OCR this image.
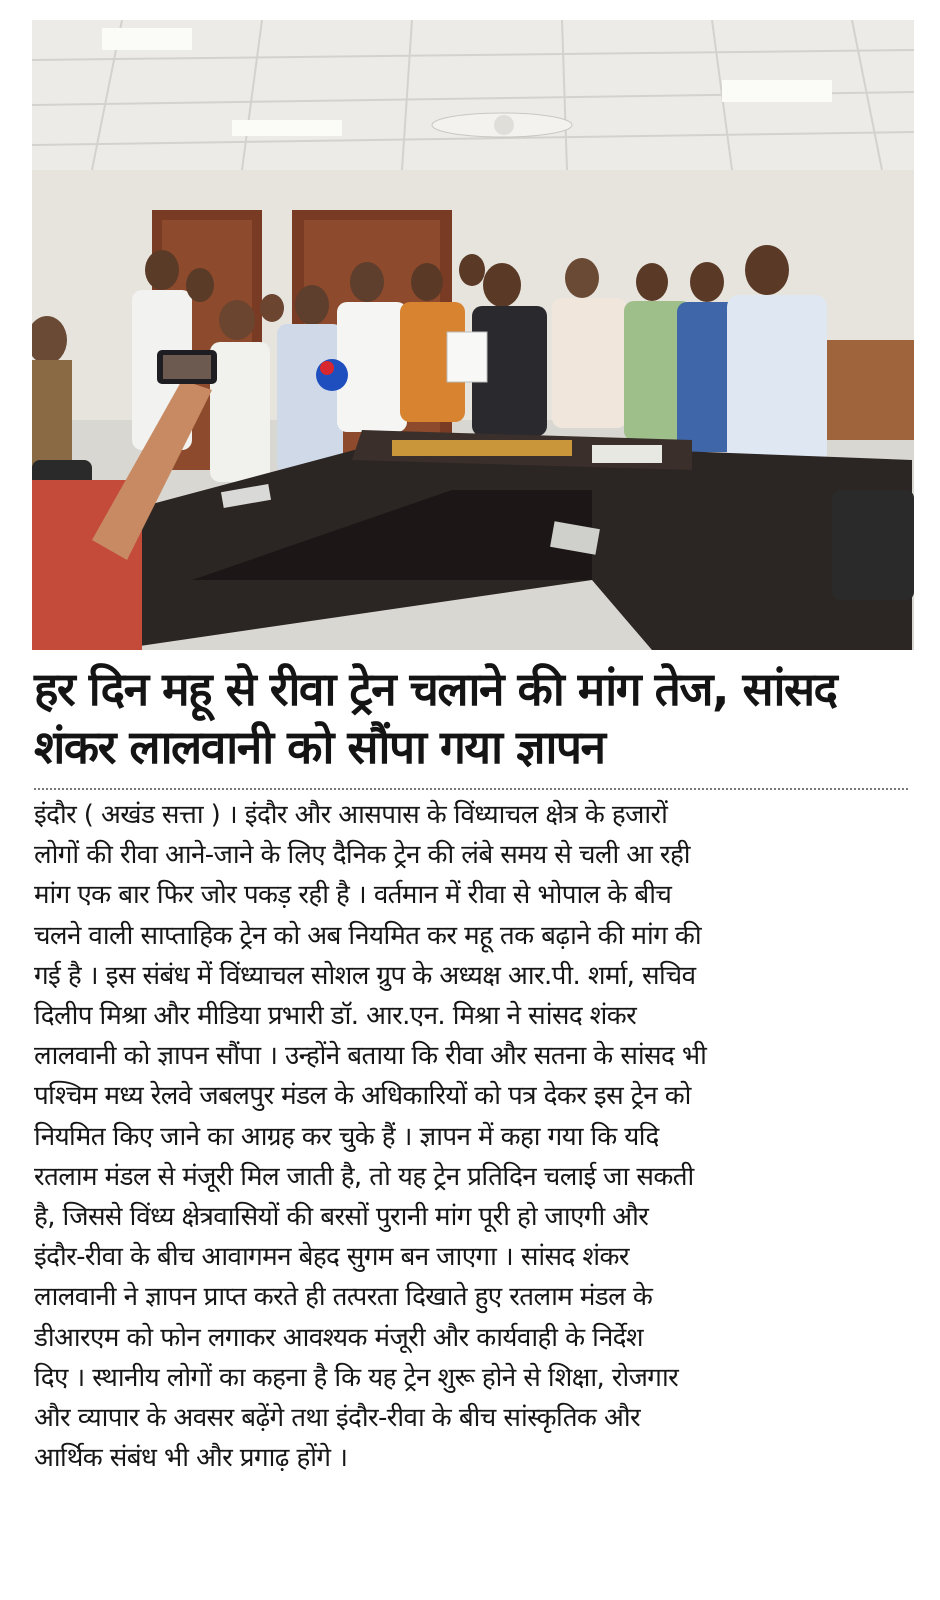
हर दिन महू से रीवा ट्रेन चलाने की मांग तेज, सांसद
शंकर लालवानी को सौंपा गया ज्ञापन

इंदौर ( अखंड सत्ता ) । इंदौर और आसपास के विंध्याचल क्षेत्र के हजारों
लोगों की रीवा आने-जाने के लिए दैनिक ट्रेन की लंबे समय से चली आ रही
मांग एक बार फिर जोर पकड़ रही है । वर्तमान में रीवा से भोपाल के बीच
चलने वाली साप्ताहिक ट्रेन को अब नियमित कर महू तक बढ़ाने की मांग की
गई है । इस संबंध में विंध्याचल सोशल ग्रुप के अध्यक्ष आर.पी. शर्मा, सचिव
दिलीप मिश्रा और मीडिया प्रभारी डॉ. आर.एन. मिश्रा ने सांसद शंकर
लालवानी को ज्ञापन सौंपा । उन्होंने बताया कि रीवा और सतना के सांसद भी
पश्चिम मध्य रेलवे जबलपुर मंडल के अधिकारियों को पत्र देकर इस ट्रेन को
नियमित किए जाने का आग्रह कर चुके हैं । ज्ञापन में कहा गया कि यदि
रतलाम मंडल से मंजूरी मिल जाती है, तो यह ट्रेन प्रतिदिन चलाई जा सकती
है, जिससे विंध्य क्षेत्रवासियों की बरसों पुरानी मांग पूरी हो जाएगी और
इंदौर-रीवा के बीच आवागमन बेहद सुगम बन जाएगा । सांसद शंकर
लालवानी ने ज्ञापन प्राप्त करते ही तत्परता दिखाते हुए रतलाम मंडल के
डीआरएम को फोन लगाकर आवश्यक मंजूरी और कार्यवाही के निर्देश
दिए । स्थानीय लोगों का कहना है कि यह ट्रेन शुरू होने से शिक्षा, रोजगार
और व्यापार के अवसर बढ़ेंगे तथा इंदौर-रीवा के बीच सांस्कृतिक और
आर्थिक संबंध भी और प्रगाढ़ होंगे ।
